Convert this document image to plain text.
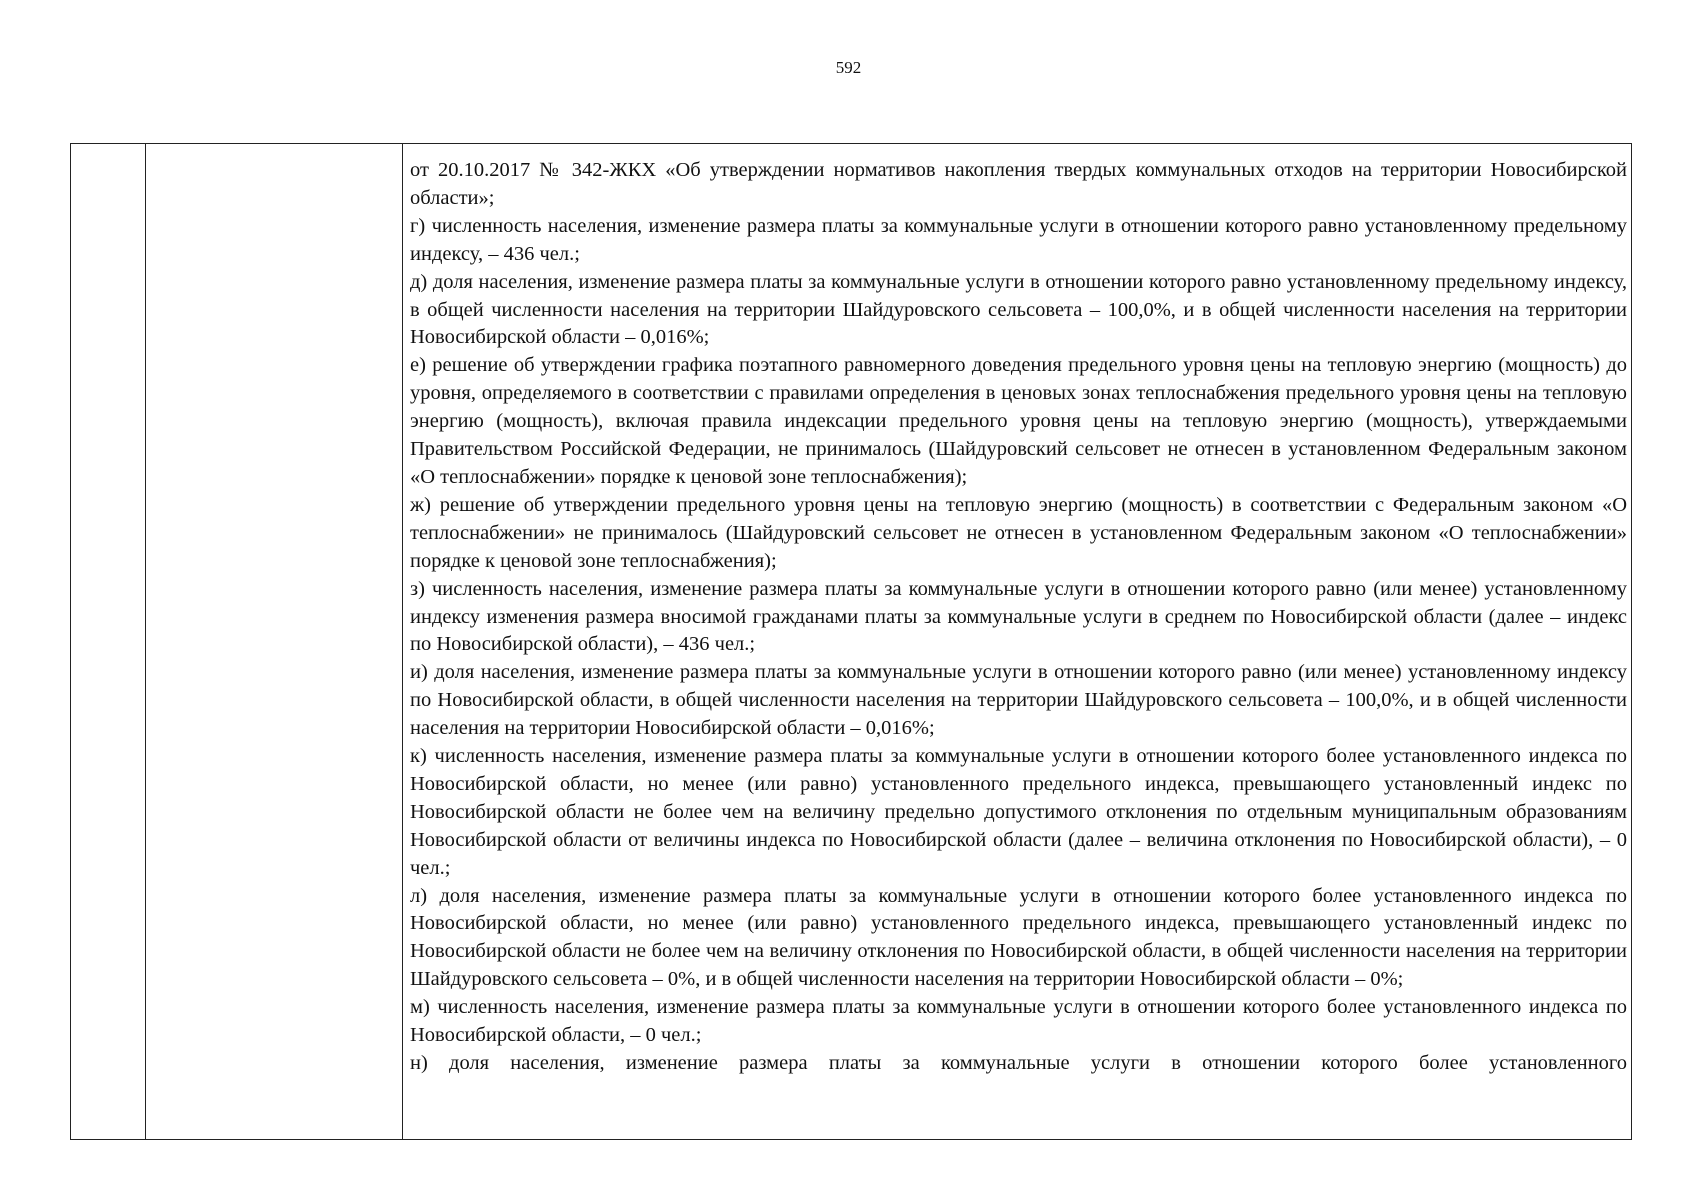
592

от 20.10.2017 № 342-ЖКХ «Об утверждении нормативов накопления твердых коммунальных отходов на территории Новосибирской области»;

г) численность населения, изменение размера платы за коммунальные услуги в отношении которого равно установленному предельному индексу, – 436 чел.;

д) доля населения, изменение размера платы за коммунальные услуги в отношении которого равно установленному предельному индексу, в общей численности населения на территории Шайдуровского сельсовета – 100,0%, и в общей численности населения на территории Новосибирской области – 0,016%;

е) решение об утверждении графика поэтапного равномерного доведения предельного уровня цены на тепловую энергию (мощность) до уровня, определяемого в соответствии с правилами определения в ценовых зонах теплоснабжения предельного уровня цены на тепловую энергию (мощность), включая правила индексации предельного уровня цены на тепловую энергию (мощность), утверждаемыми Правительством Российской Федерации, не принималось (Шайдуровский сельсовет не отнесен в установленном Федеральным законом «О теплоснабжении» порядке к ценовой зоне теплоснабжения);

ж) решение об утверждении предельного уровня цены на тепловую энергию (мощность) в соответствии с Федеральным законом «О теплоснабжении» не принималось (Шайдуровский сельсовет не отнесен в установленном Федеральным законом «О теплоснабжении» порядке к ценовой зоне теплоснабжения);

з) численность населения, изменение размера платы за коммунальные услуги в отношении которого равно (или менее) установленному индексу изменения размера вносимой гражданами платы за коммунальные услуги в среднем по Новосибирской области (далее – индекс по Новосибирской области), – 436 чел.;

и) доля населения, изменение размера платы за коммунальные услуги в отношении которого равно (или менее) установленному индексу по Новосибирской области, в общей численности населения на территории Шайдуровского сельсовета – 100,0%, и в общей численности населения на территории Новосибирской области – 0,016%;

к) численность населения, изменение размера платы за коммунальные услуги в отношении которого более установленного индекса по Новосибирской области, но менее (или равно) установленного предельного индекса, превышающего установленный индекс по Новосибирской области не более чем на величину предельно допустимого отклонения по отдельным муниципальным образованиям Новосибирской области от величины индекса по Новосибирской области (далее – величина отклонения по Новосибирской области), – 0 чел.;

л) доля населения, изменение размера платы за коммунальные услуги в отношении которого более установленного индекса по Новосибирской области, но менее (или равно) установленного предельного индекса, превышающего установленный индекс по Новосибирской области не более чем на величину отклонения по Новосибирской области, в общей численности населения на территории Шайдуровского сельсовета – 0%, и в общей численности населения на территории Новосибирской области – 0%;

м) численность населения, изменение размера платы за коммунальные услуги в отношении которого более установленного индекса по Новосибирской области, – 0 чел.;

н) доля населения, изменение размера платы за коммунальные услуги в отношении которого более установленного
